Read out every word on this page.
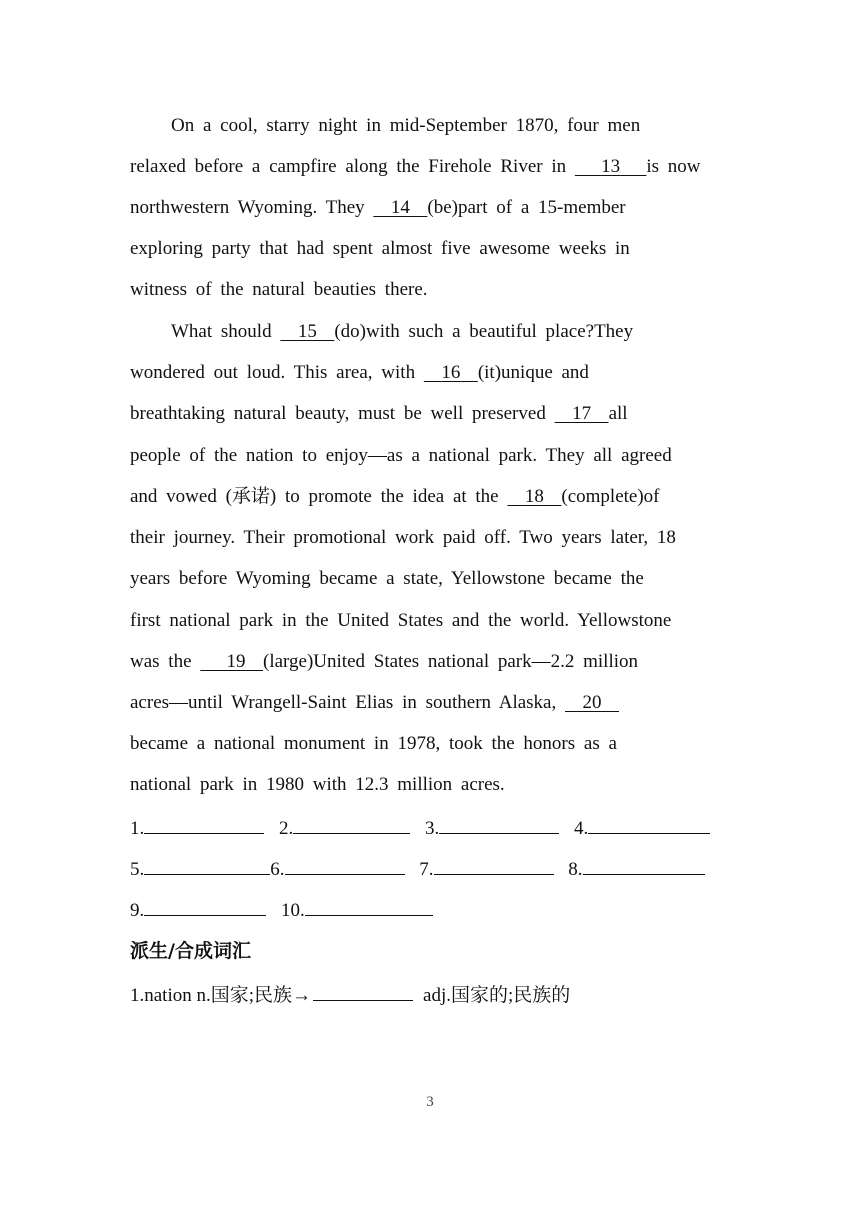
On a cool, starry night in mid-September 1870, four men
relaxed before a campfire along the Firehole River in 13 is now
northwestern Wyoming. They 14 (be)part of a 15-member
exploring party that had spent almost five awesome weeks in
witness of the natural beauties there.
What should 15 (do)with such a beautiful place?They
wondered out loud. This area, with 16 (it)unique and
breathtaking natural beauty, must be well preserved 17 all
people of the nation to enjoy—as a national park. They all agreed
and vowed (承诺) to promote the idea at the 18 (complete)of
their journey. Their promotional work paid off. Two years later, 18
years before Wyoming became a state, Yellowstone became the
first national park in the United States and the world. Yellowstone
was the 19 (large)United States national park—2.2 million
acres—until Wrangell-Saint Elias in southern Alaska, 20
became a national monument in 1978, took the honors as a
national park in 1980 with 12.3 million acres.
1.	2.	3.	4.
5.	6.	7.	8.
9.	10.
派生/合成词汇
1.nation n.国家;民族→	adj.国家的;民族的
3
